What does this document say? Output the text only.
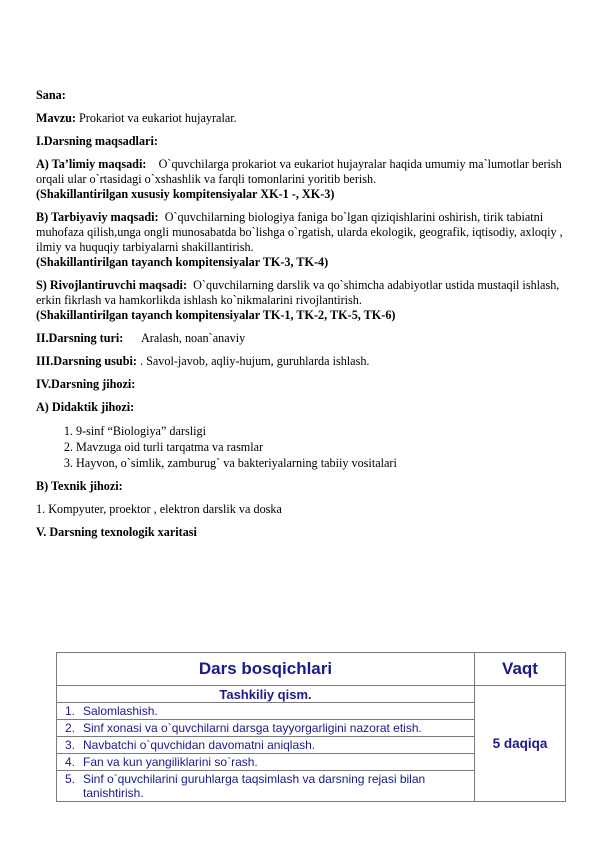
Sana:

Mavzu: Prokariot va eukariot hujayralar.

I.Darsning maqsadlari:

A) Ta’limiy maqsadi: O`quvchilarga prokariot va eukariot hujayralar haqida umumiy ma`lumotlar berish orqali ular o`rtasidagi o`xshashlik va farqli tomonlarini yoritib berish.
(Shakillantirilgan xususiy kompitensiyalar XK-1 -, XK-3)

B) Tarbiyaviy maqsadi: O`quvchilarning biologiya faniga bo`lgan qiziqishlarini oshirish, tirik tabiatni muhofaza qilish,unga ongli munosabatda bo`lishga o`rgatish, ularda ekologik, geografik, iqtisodiy, axloqiy , ilmiy va huquqiy tarbiyalarni shakillantirish.
(Shakillantirilgan tayanch kompitensiyalar TK-3, TK-4)

S) Rivojlantiruvchi maqsadi: O`quvchilarning darslik va qo`shimcha adabiyotlar ustida mustaqil ishlash, erkin fikrlash va hamkorlikda ishlash ko`nikmalarini rivojlantirish.
(Shakillantirilgan tayanch kompitensiyalar TK-1, TK-2, TK-5, TK-6)

II.Darsning turi: Aralash, noan`anaviy

III.Darsning usubi: . Savol-javob, aqliy-hujum, guruhlarda ishlash.

IV.Darsning jihozi:

A) Didaktik jihozi:

1. 9-sinf “Biologiya” darsligi
2. Mavzuga oid turli tarqatma va rasmlar
3. Hayvon, o`simlik, zamburug` va bakteriyalarning tabiiy vositalari

B) Texnik jihozi:

1. Kompyuter, proektor , elektron darslik va doska

V. Darsning texnologik xaritasi

Dars bosqichlari	Vaqt
Tashkiliy qism.	5 daqiqa
1. Salomlashish.	
2. Sinf xonasi va o`quvchilarni darsga tayyorgarligini nazorat etish.	
3. Navbatchi o`quvchidan davomatni aniqlash.	
4. Fan va kun yangiliklarini so`rash.	
5. Sinf o`quvchilarini guruhlarga taqsimlash va darsning rejasi bilan tanishtirish.	
